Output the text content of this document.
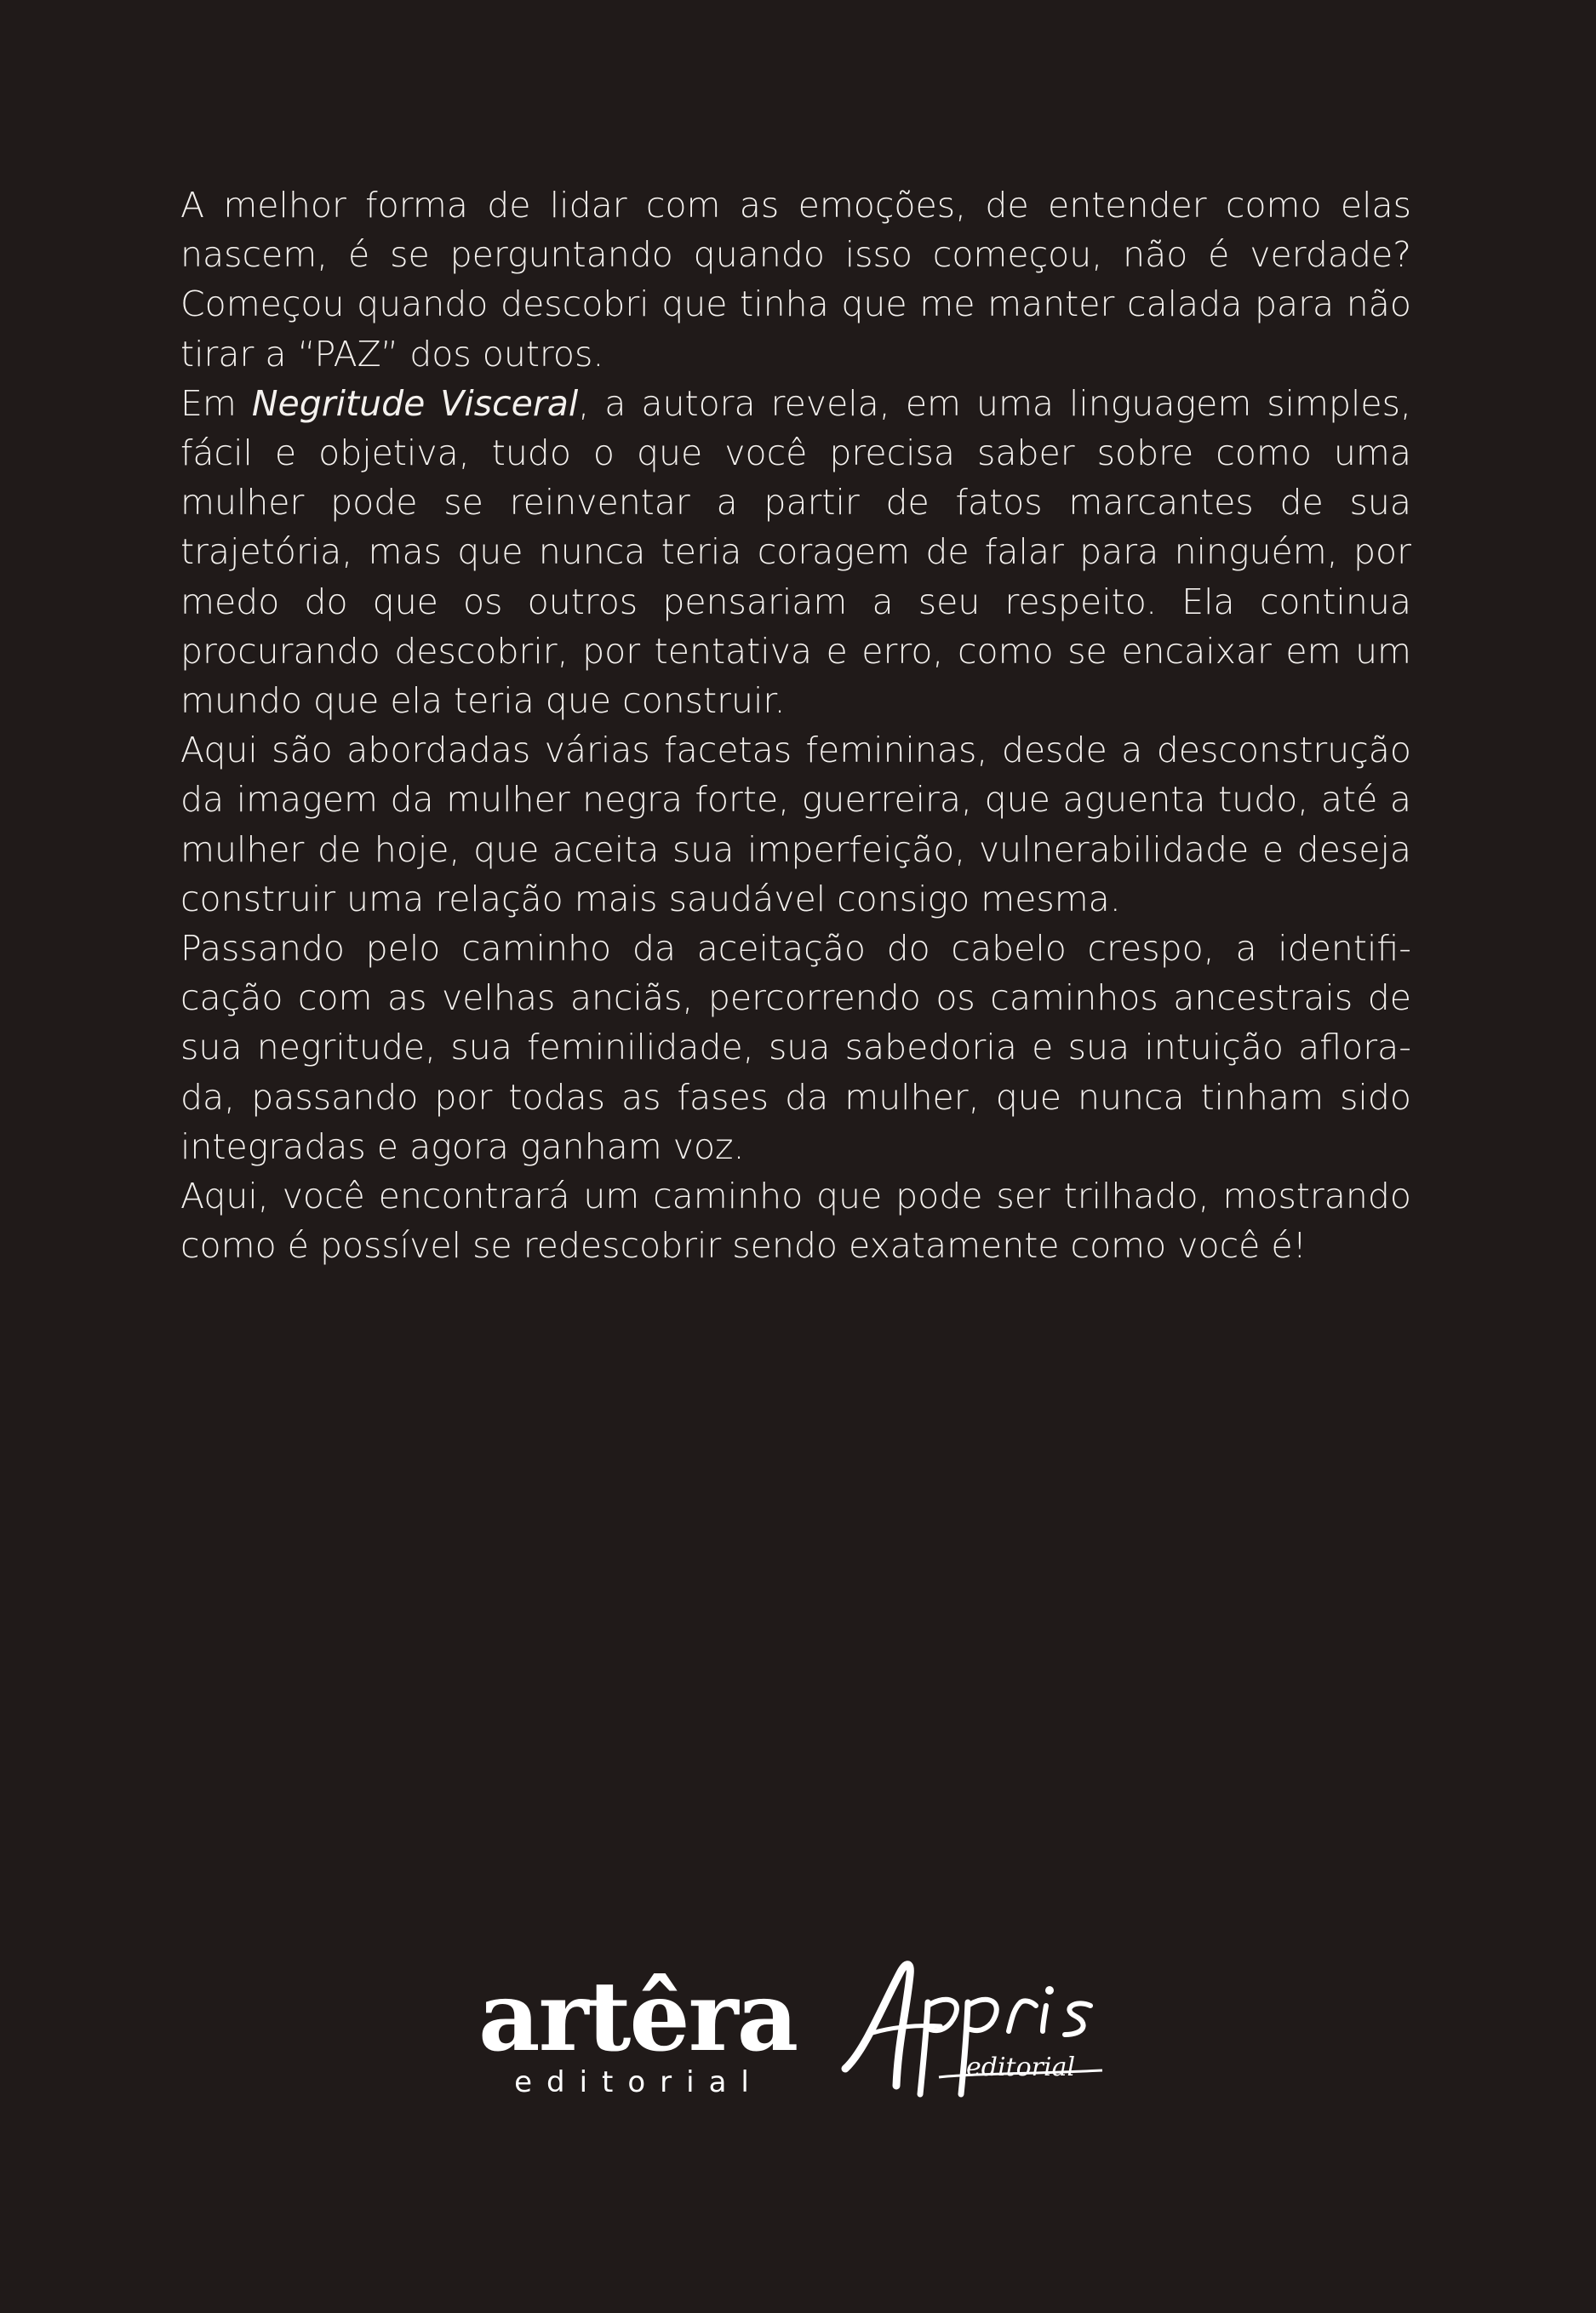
A melhor forma de lidar com as emoções, de entender como elas nascem, é se perguntando quando isso começou, não é verdade? Começou quando descobri que tinha que me manter calada para não tirar a “PAZ” dos outros.

Em Negritude Visceral, a autora revela, em uma linguagem simples, fácil e objetiva, tudo o que você precisa saber sobre como uma mulher pode se reinventar a partir de fatos marcantes de sua trajetória, mas que nunca teria coragem de falar para ninguém, por medo do que os outros pensariam a seu respeito. Ela continua procurando descobrir, por tentativa e erro, como se encaixar em um mundo que ela teria que construir.

Aqui são abordadas várias facetas femininas, desde a desconstrução da imagem da mulher negra forte, guerreira, que aguenta tudo, até a mulher de hoje, que aceita sua imperfeição, vulnerabilidade e deseja construir uma relação mais saudável consigo mesma.

Passando pelo caminho da aceitação do cabelo crespo, a identificação com as velhas anciãs, percorrendo os caminhos ancestrais de sua negritude, sua feminilidade, sua sabedoria e sua intuição aflorada, passando por todas as fases da mulher, que nunca tinham sido integradas e agora ganham voz.

Aqui, você encontrará um caminho que pode ser trilhado, mostrando como é possível se redescobrir sendo exatamente como você é!

artêra
editorial	editorial
